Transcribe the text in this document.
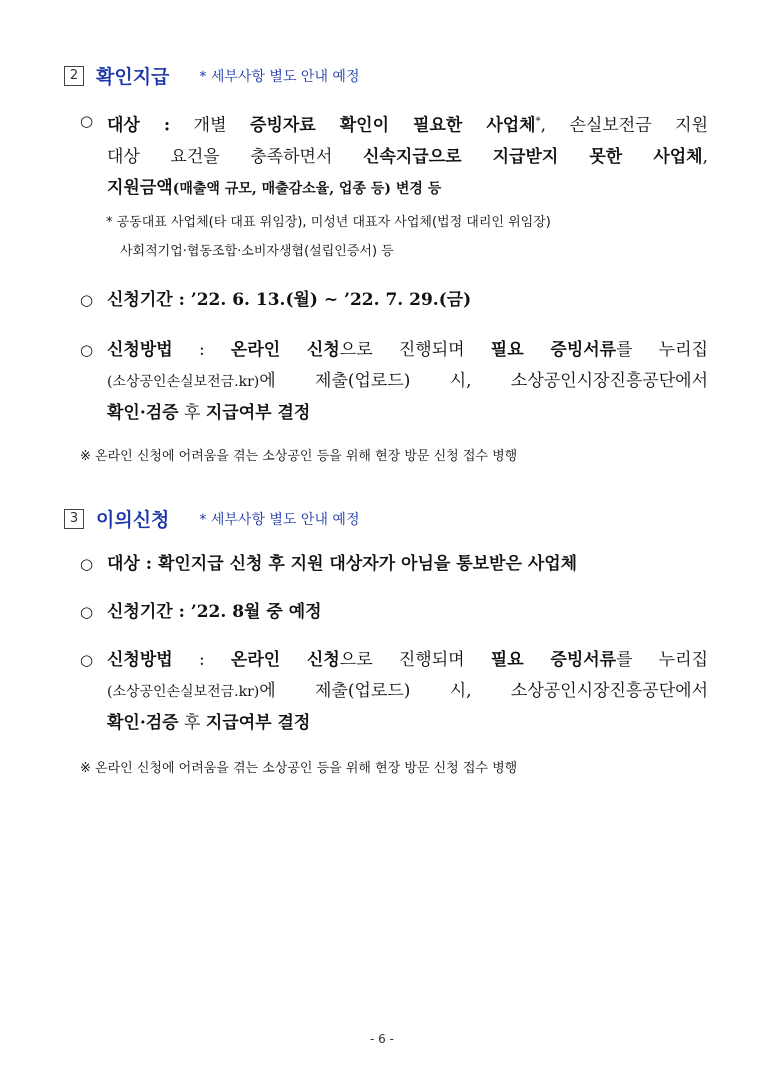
2 확인지급 * 세부사항 별도 안내 예정
○ 대상 : 개별 증빙자료 확인이 필요한 사업체*, 손실보전금 지원
대상 요건을 충족하면서 신속지급으로 지급받지 못한 사업체,
지원금액(매출액 규모, 매출감소율, 업종 등) 변경 등
* 공동대표 사업체(타 대표 위임장), 미성년 대표자 사업체(법정 대리인 위임장)
사회적기업·협동조합·소비자생협(설립인증서) 등
○ 신청기간 : ’22. 6. 13.(월) ~ ’22. 7. 29.(금)
○ 신청방법 : 온라인 신청으로 진행되며 필요 증빙서류를 누리집
(소상공인손실보전금.kr)에 제출(업로드) 시, 소상공인시장진흥공단에서
확인·검증 후 지급여부 결정
※ 온라인 신청에 어려움을 겪는 소상공인 등을 위해 현장 방문 신청 접수 병행
3 이의신청 * 세부사항 별도 안내 예정
○ 대상 : 확인지급 신청 후 지원 대상자가 아님을 통보받은 사업체
○ 신청기간 : ’22. 8월 중 예정
○ 신청방법 : 온라인 신청으로 진행되며 필요 증빙서류를 누리집
(소상공인손실보전금.kr)에 제출(업로드) 시, 소상공인시장진흥공단에서
확인·검증 후 지급여부 결정
※ 온라인 신청에 어려움을 겪는 소상공인 등을 위해 현장 방문 신청 접수 병행
- 6 -
